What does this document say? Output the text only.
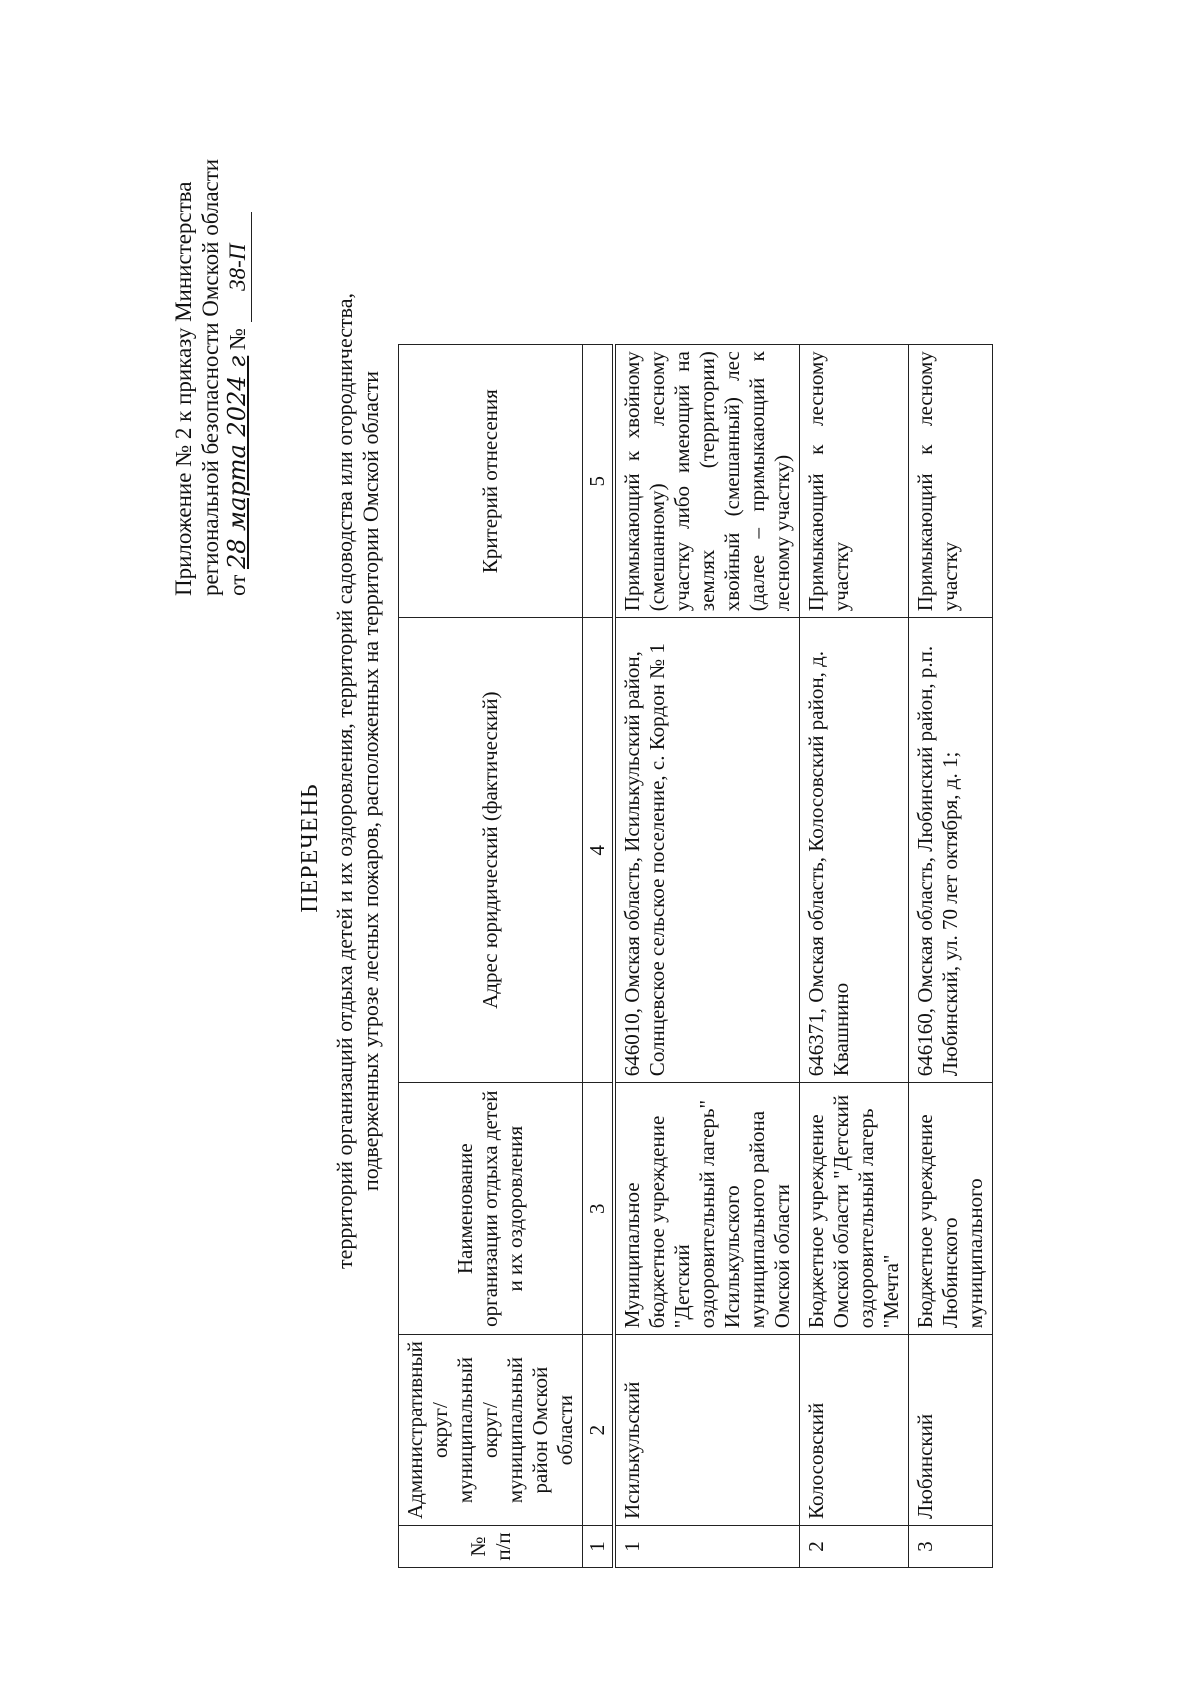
Приложение № 2 к приказу Министерства региональной безопасности Омской области от 28 марта 2024 г № 38-П
ПЕРЕЧЕНЬ территорий организаций отдыха детей и их оздоровления, территорий садоводства или огородничества, подверженных угрозе лесных пожаров, расположенных на территории Омской области
№ п/п	Административный округ/ муниципальный округ/ муниципальный район Омской области	Наименование организации отдыха детей и их оздоровления	Адрес юридический (фактический)	Критерий отнесения
1	2	3	4	5
1	Исилькульский	Муниципальное бюджетное учреждение "Детский оздоровительный лагерь" Исилькульского муниципального района Омской области	646010, Омская область, Исилькульский район, Солнцевское сельское поселение, с. Кордон № 1	Примыкающий к хвойному (смешанному) лесному участку либо имеющий на землях (территории) хвойный (смешанный) лес (далее – примыкающий к лесному участку)
2	Колосовский	Бюджетное учреждение Омской области "Детский оздоровительный лагерь "Мечта"	646371, Омская область, Колосовский район, д. Квашнино	Примыкающий к лесному участку
3	Любинский	Бюджетное учреждение Любинского муниципального	646160, Омская область, Любинский район, р.п. Любинский, ул. 70 лет октября, д. 1;	Примыкающий к лесному участку
